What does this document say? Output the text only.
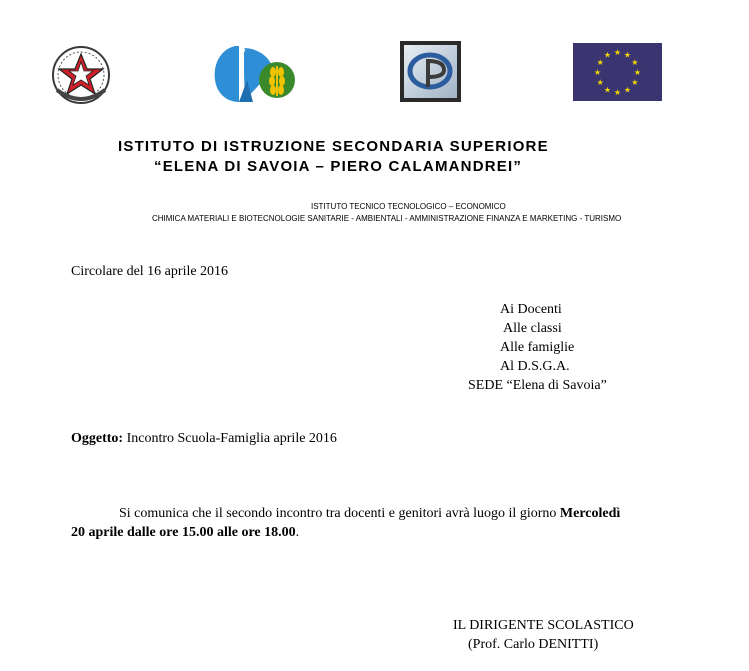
★ ★
★
★
★
★
★
★
★
★
★
★
ISTITUTO DI ISTRUZIONE SECONDARIA SUPERIORE
“ELENA DI SAVOIA – PIERO CALAMANDREI”
ISTITUTO TECNICO TECNOLOGICO – ECONOMICO
CHIMICA MATERIALI E BIOTECNOLOGIE SANITARIE - AMBIENTALI - AMMINISTRAZIONE FINANZA E MARKETING - TURISMO
Circolare del 16 aprile 2016
Ai Docenti
Alle classi
Alle famiglie
Al D.S.G.A.
SEDE “Elena di Savoia”
Oggetto: Incontro Scuola-Famiglia aprile 2016
Si comunica che il secondo incontro tra docenti e genitori avrà luogo il giorno Mercoledì
20 aprile dalle ore 15.00 alle ore 18.00.
IL DIRIGENTE SCOLASTICO
(Prof. Carlo DENITTI)
